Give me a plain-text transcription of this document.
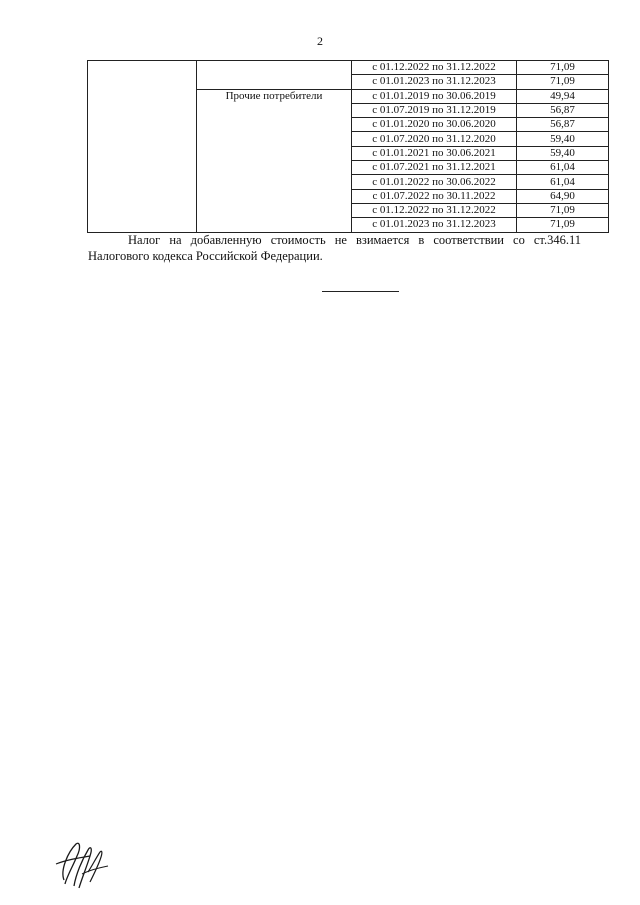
2
		с 01.12.2022 по 31.12.2022	71,09
		с 01.01.2023 по 31.12.2023	71,09
	Прочие потребители	с 01.01.2019 по 30.06.2019	49,94
		с 01.07.2019 по 31.12.2019	56,87
		с 01.01.2020 по 30.06.2020	56,87
		с 01.07.2020 по 31.12.2020	59,40
		с 01.01.2021 по 30.06.2021	59,40
		с 01.07.2021 по 31.12.2021	61,04
		с 01.01.2022 по 30.06.2022	61,04
		с 01.07.2022 по 30.11.2022	64,90
		с 01.12.2022 по 31.12.2022	71,09
		с 01.01.2023 по 31.12.2023	71,09
Налог на добавленную стоимость не взимается в соответствии со ст.346.11 Налогового кодекса Российской Федерации.
